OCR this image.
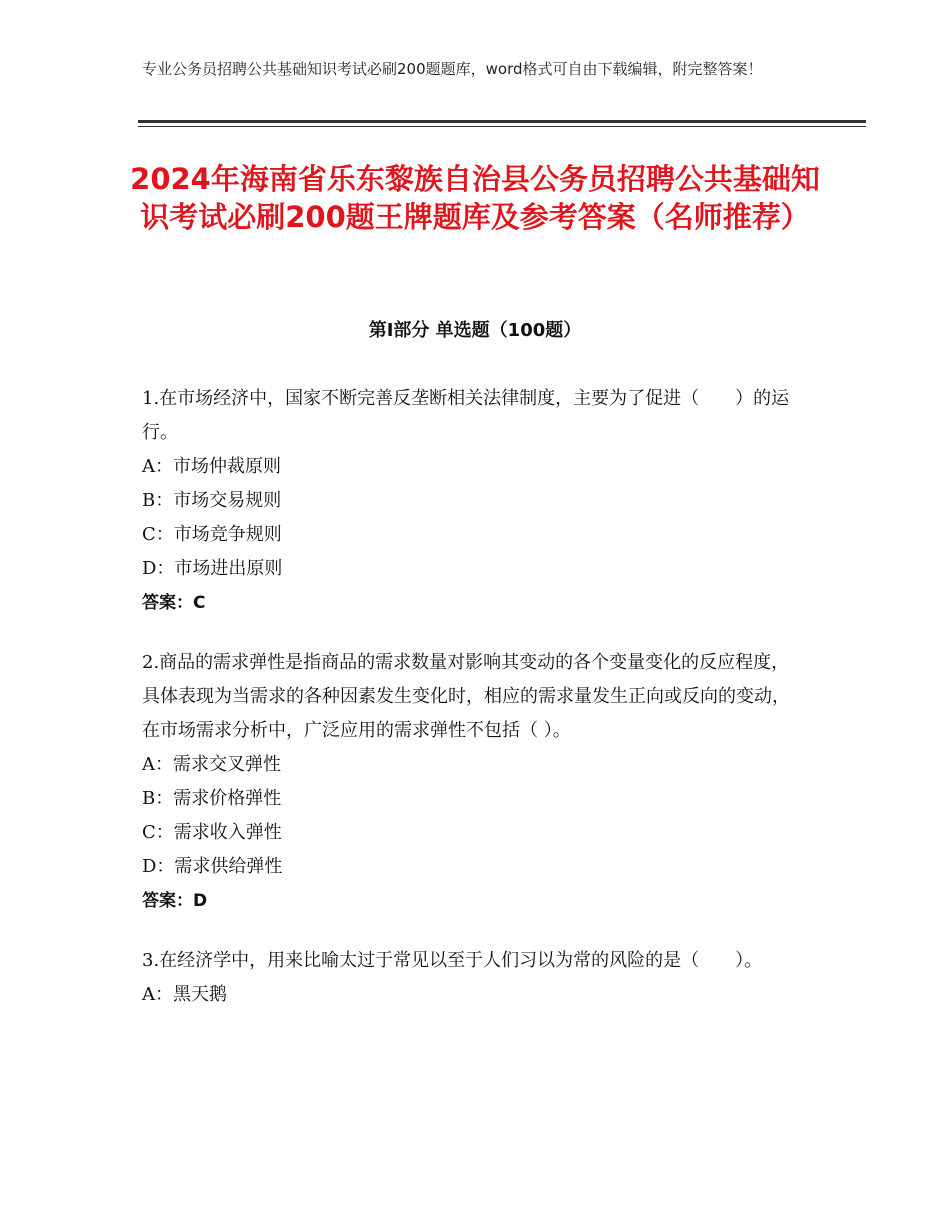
专业公务员招聘公共基础知识考试必刷200题题库，word格式可自由下载编辑，附完整答案！
2024年海南省乐东黎族自治县公务员招聘公共基础知识考试必刷200题王牌题库及参考答案（名师推荐）
第Ⅰ部分 单选题（100题）
1.在市场经济中，国家不断完善反垄断相关法律制度，主要为了促进（　　）的运行。
A：市场仲裁原则
B：市场交易规则
C：市场竞争规则
D：市场进出原则
答案：C
2.商品的需求弹性是指商品的需求数量对影响其变动的各个变量变化的反应程度，具体表现为当需求的各种因素发生变化时，相应的需求量发生正向或反向的变动，在市场需求分析中，广泛应用的需求弹性不包括（ ）。
A：需求交叉弹性
B：需求价格弹性
C：需求收入弹性
D：需求供给弹性
答案：D
3.在经济学中，用来比喻太过于常见以至于人们习以为常的风险的是（　　）。
A：黑天鹅
